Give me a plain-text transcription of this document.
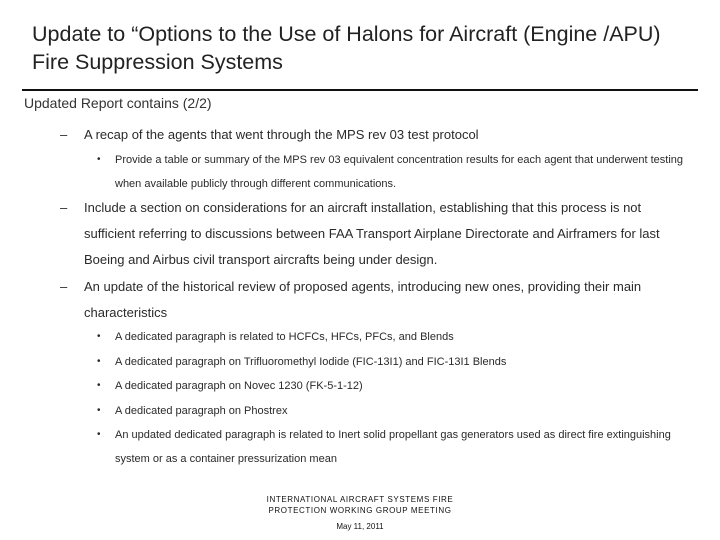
Update to “Options to the Use of Halons for Aircraft (Engine /APU) Fire Suppression Systems
Updated Report contains (2/2)
– A recap of the agents that went through the MPS rev 03 test protocol
• Provide a table or summary of the MPS rev 03 equivalent concentration results for each agent that underwent testing when available publicly through different communications.
– Include a section on considerations for an aircraft installation, establishing that this process is not sufficient referring to discussions between FAA Transport Airplane Directorate and Airframers for last Boeing and Airbus civil transport aircrafts being under design.
– An update of the historical review of proposed agents, introducing new ones, providing their main characteristics
• A dedicated paragraph is related to HCFCs, HFCs, PFCs, and Blends
• A dedicated paragraph on Trifluoromethyl Iodide (FIC-13I1) and FIC-13I1 Blends
• A dedicated paragraph on Novec 1230 (FK-5-1-12)
• A dedicated paragraph on Phostrex
• An updated dedicated paragraph is related to Inert solid propellant gas generators used as direct fire extinguishing system or as a container pressurization mean
INTERNATIONAL AIRCRAFT SYSTEMS FIRE
PROTECTION WORKING GROUP MEETING
May 11, 2011
